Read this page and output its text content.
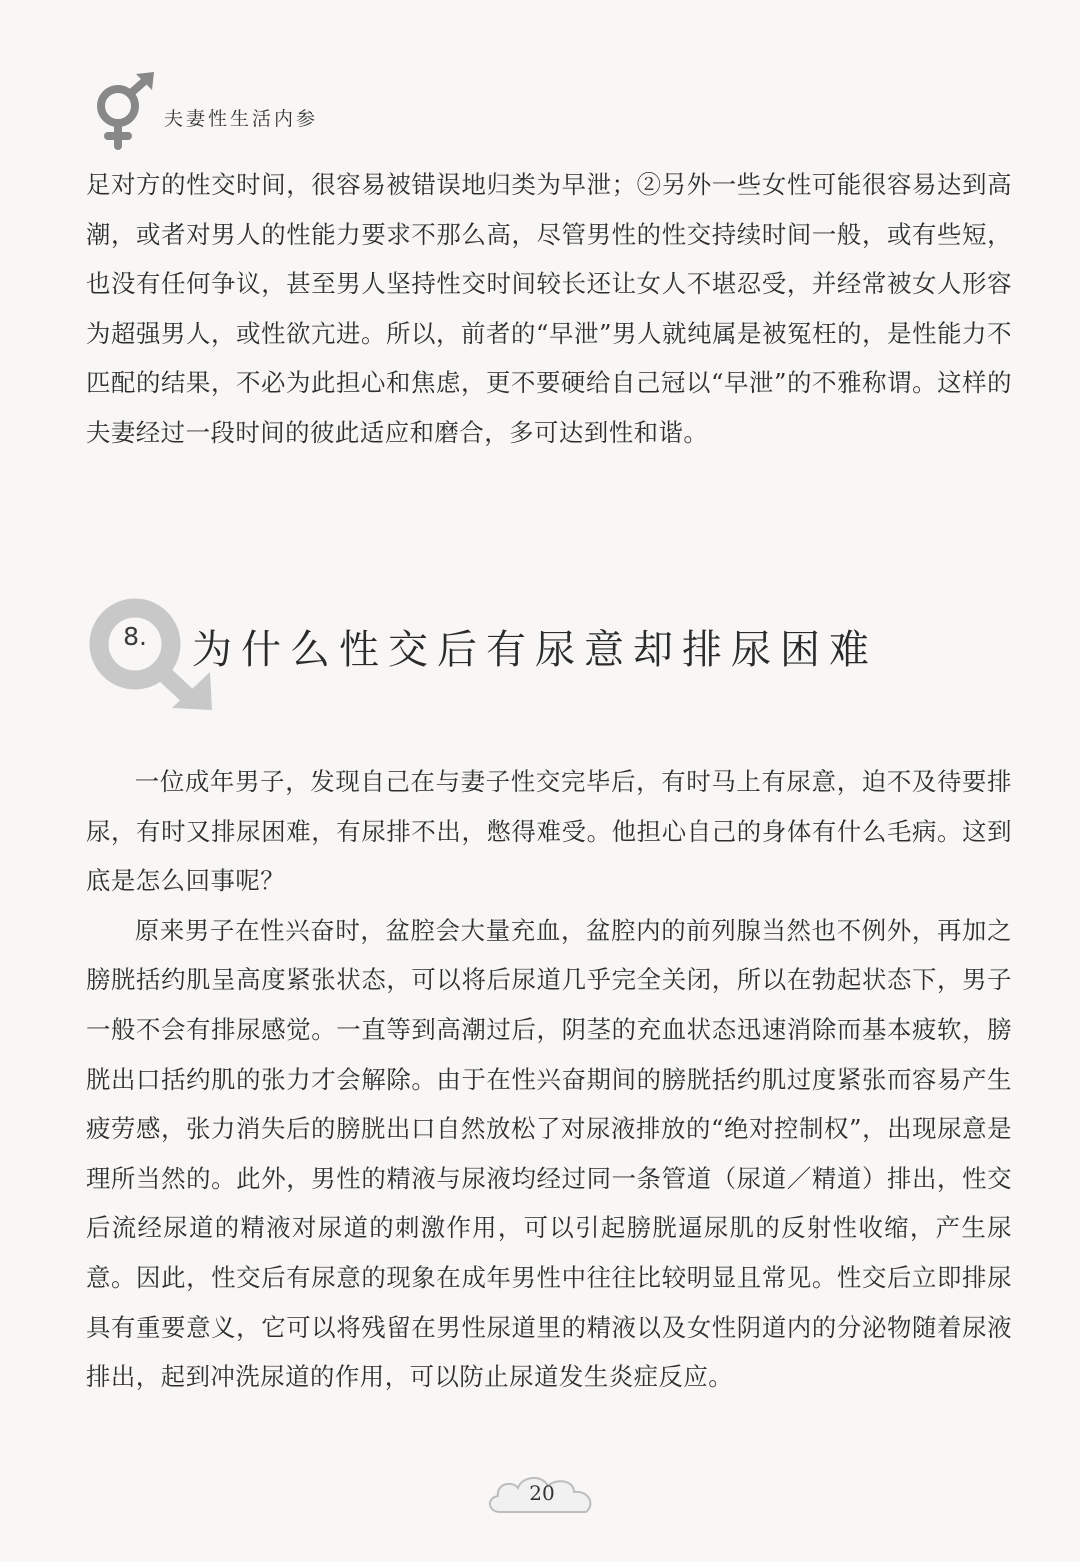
夫妻性生活内参

足对方的性交时间，很容易被错误地归类为早泄；②另外一些女性可能很容易达到高潮，或者对男人的性能力要求不那么高，尽管男性的性交持续时间一般，或有些短，也没有任何争议，甚至男人坚持性交时间较长还让女人不堪忍受，并经常被女人形容为超强男人，或性欲亢进。所以，前者的“早泄”男人就纯属是被冤枉的，是性能力不匹配的结果，不必为此担心和焦虑，更不要硬给自己冠以“早泄”的不雅称谓。这样的夫妻经过一段时间的彼此适应和磨合，多可达到性和谐。

8.	为什么性交后有尿意却排尿困难

一位成年男子，发现自己在与妻子性交完毕后，有时马上有尿意，迫不及待要排尿，有时又排尿困难，有尿排不出，憋得难受。他担心自己的身体有什么毛病。这到底是怎么回事呢？

原来男子在性兴奋时，盆腔会大量充血，盆腔内的前列腺当然也不例外，再加之膀胱括约肌呈高度紧张状态，可以将后尿道几乎完全关闭，所以在勃起状态下，男子一般不会有排尿感觉。一直等到高潮过后，阴茎的充血状态迅速消除而基本疲软，膀胱出口括约肌的张力才会解除。由于在性兴奋期间的膀胱括约肌过度紧张而容易产生疲劳感，张力消失后的膀胱出口自然放松了对尿液排放的“绝对控制权”，出现尿意是理所当然的。此外，男性的精液与尿液均经过同一条管道（尿道／精道）排出，性交后流经尿道的精液对尿道的刺激作用，可以引起膀胱逼尿肌的反射性收缩，产生尿意。因此，性交后有尿意的现象在成年男性中往往比较明显且常见。性交后立即排尿具有重要意义，它可以将残留在男性尿道里的精液以及女性阴道内的分泌物随着尿液排出，起到冲洗尿道的作用，可以防止尿道发生炎症反应。

20
